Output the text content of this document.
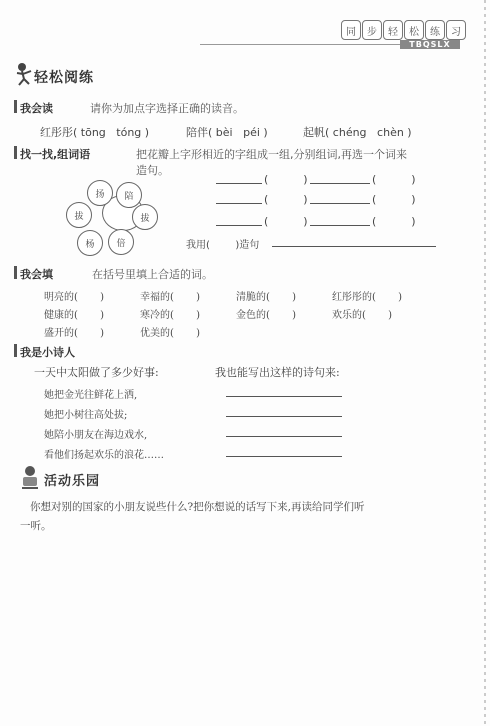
同	步	轻	松	练	习
TBQSLX
轻松阅练
我会读	请你为加点字选择正确的读音。
红彤彤( tōng tóng )	陪伴( bèi péi )	起帆( chéng chèn )
找一找,组词语	把花瓣上字形相近的字组成一组,分别组词,再选一个词来
造句。
扬	陪
拔	拔
倍
杨
(          )	(          )
(          )	(          )
(          )	(          )
我用(	)造句
我会填	在括号里填上合适的词。
明亮的( )	幸福的( )	清脆的( )	红彤彤的( )
健康的( )	寒冷的( )	金色的( )	欢乐的( )
盛开的( )	优美的( )
我是小诗人
一天中太阳做了多少好事:	我也能写出这样的诗句来:
她把金光往鲜花上洒,
她把小树往高处拔;
她陪小朋友在海边戏水,
看他们扬起欢乐的浪花……
活动乐园
你想对别的国家的小朋友说些什么?把你想说的话写下来,再读给同学们听
一听。
